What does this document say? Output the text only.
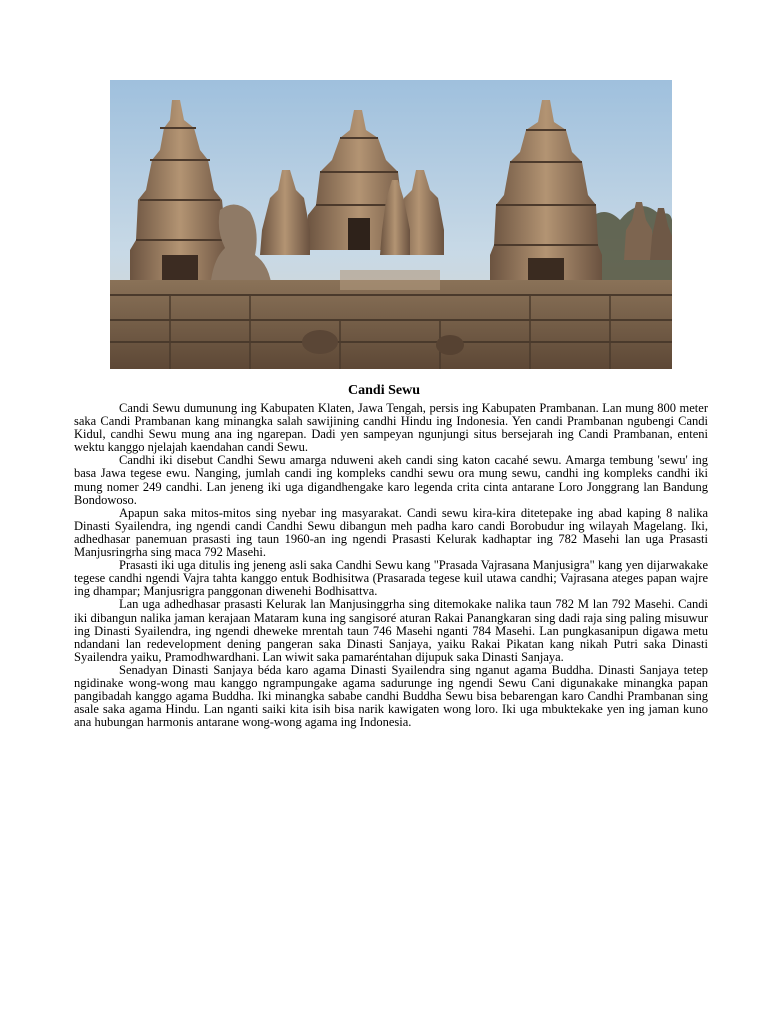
Candi Sewu

Candi Sewu dumunung ing Kabupaten Klaten, Jawa Tengah, persis ing Kabupaten Prambanan. Lan mung 800 meter saka Candi Prambanan kang minangka salah sawijining candhi Hindu ing Indonesia. Yen candi Prambanan ngubengi Candi Kidul, candhi Sewu mung ana ing ngarepan. Dadi yen sampeyan ngunjungi situs bersejarah ing Candi Prambanan, enteni wektu kanggo njelajah kaendahan candi Sewu.

Candhi iki disebut Candhi Sewu amarga nduweni akeh candi sing katon cacahé sewu. Amarga tembung 'sewu' ing basa Jawa tegese ewu. Nanging, jumlah candi ing kompleks candhi sewu ora mung sewu, candhi ing kompleks candhi iki mung nomer 249 candhi. Lan jeneng iki uga digandhengake karo legenda crita cinta antarane Loro Jonggrang lan Bandung Bondowoso.

Apapun saka mitos-mitos sing nyebar ing masyarakat. Candi sewu kira-kira ditetepake ing abad kaping 8 nalika Dinasti Syailendra, ing ngendi candi Candhi Sewu dibangun meh padha karo candi Borobudur ing wilayah Magelang. Iki, adhedhasar panemuan prasasti ing taun 1960-an ing ngendi Prasasti Kelurak kadhaptar ing 782 Masehi lan uga Prasasti Manjusringrha sing maca 792 Masehi.

Prasasti iki uga ditulis ing jeneng asli saka Candhi Sewu kang "Prasada Vajrasana Manjusigra" kang yen dijarwakake tegese candhi ngendi Vajra tahta kanggo entuk Bodhisitwa (Prasarada tegese kuil utawa candhi; Vajrasana ateges papan wajre ing dhampar; Manjusrigra panggonan diwenehi Bodhisattva.

Lan uga adhedhasar prasasti Kelurak lan Manjusinggrha sing ditemokake nalika taun 782 M lan 792 Masehi. Candi iki dibangun nalika jaman kerajaan Mataram kuna ing sangisoré aturan Rakai Panangkaran sing dadi raja sing paling misuwur ing Dinasti Syailendra, ing ngendi dheweke mrentah taun 746 Masehi nganti 784 Masehi. Lan pungkasanipun digawa metu ndandani lan redevelopment dening pangeran saka Dinasti Sanjaya, yaiku Rakai Pikatan kang nikah Putri saka Dinasti Syailendra yaiku, Pramodhwardhani. Lan wiwit saka pamaréntahan dijupuk saka Dinasti Sanjaya.

Senadyan Dinasti Sanjaya béda karo agama Dinasti Syailendra sing nganut agama Buddha. Dinasti Sanjaya tetep ngidinake wong-wong mau kanggo ngrampungake agama sadurunge ing ngendi Sewu Cani digunakake minangka papan pangibadah kanggo agama Buddha. Iki minangka sababe candhi Buddha Sewu bisa bebarengan karo Candhi Prambanan sing asale saka agama Hindu. Lan nganti saiki kita isih bisa narik kawigaten wong loro. Iki uga mbuktekake yen ing jaman kuno ana hubungan harmonis antarane wong-wong agama ing Indonesia.
